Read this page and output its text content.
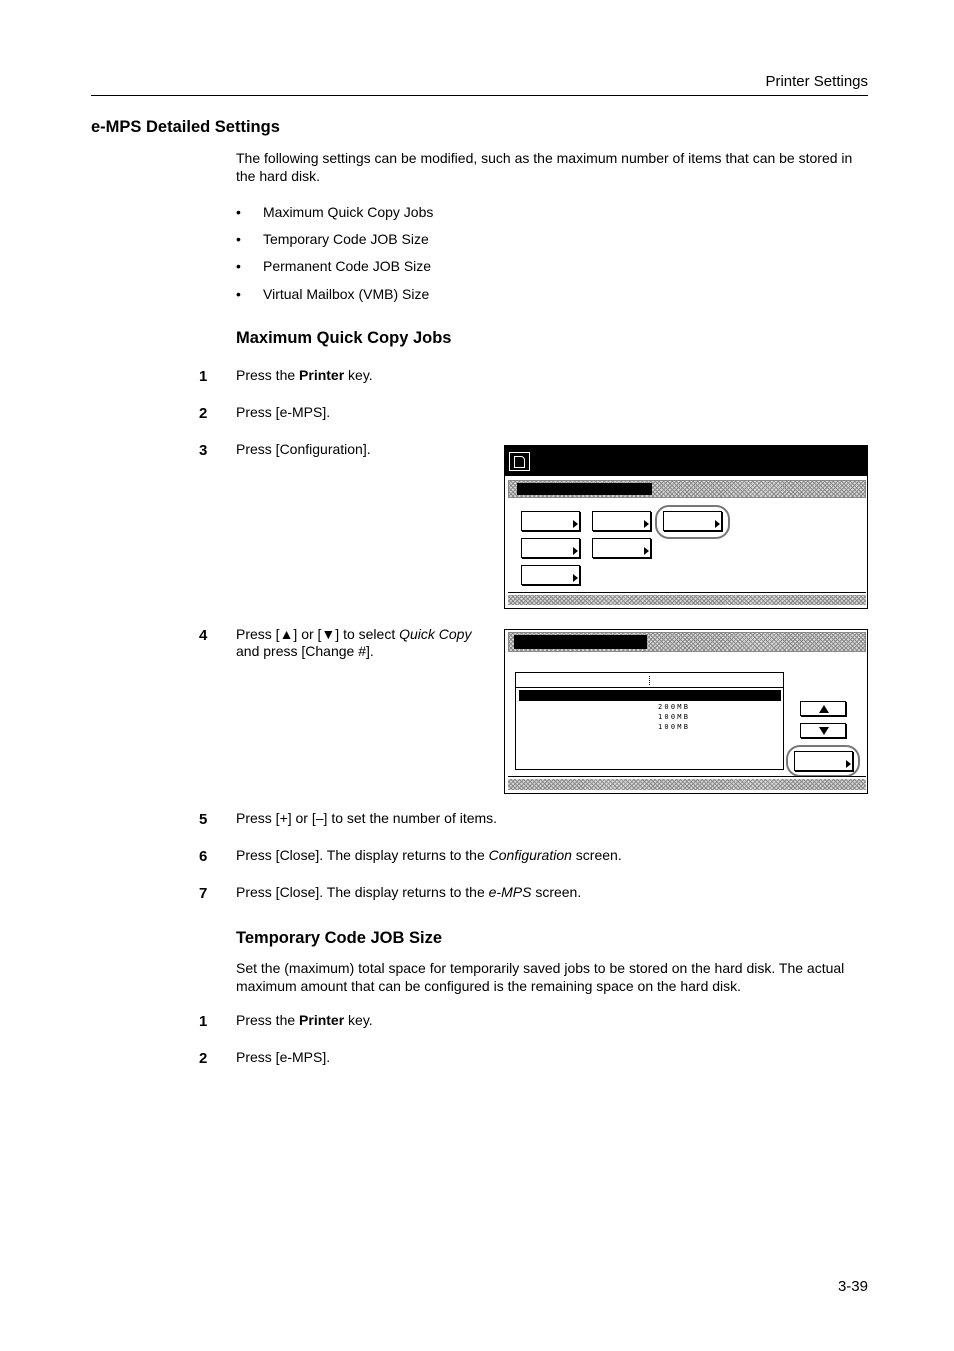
Printer Settings
e-MPS Detailed Settings
The following settings can be modified, such as the maximum number of items that can be stored in the hard disk.
• Maximum Quick Copy Jobs
• Temporary Code JOB Size
• Permanent Code JOB Size
• Virtual Mailbox (VMB) Size
Maximum Quick Copy Jobs
1 Press the Printer key.
2 Press [e-MPS].
3 Press [Configuration].
4 Press [▲] or [▼] to select Quick Copy
and press [Change #].
2 0 0 M B
1 0 0 M B
1 0 0 M B
5 Press [+] or [–] to set the number of items.
6 Press [Close]. The display returns to the Configuration screen.
7 Press [Close]. The display returns to the e-MPS screen.
Temporary Code JOB Size
Set the (maximum) total space for temporarily saved jobs to be stored on the hard disk. The actual maximum amount that can be configured is the remaining space on the hard disk.
1 Press the Printer key.
2 Press [e-MPS].
3-39
